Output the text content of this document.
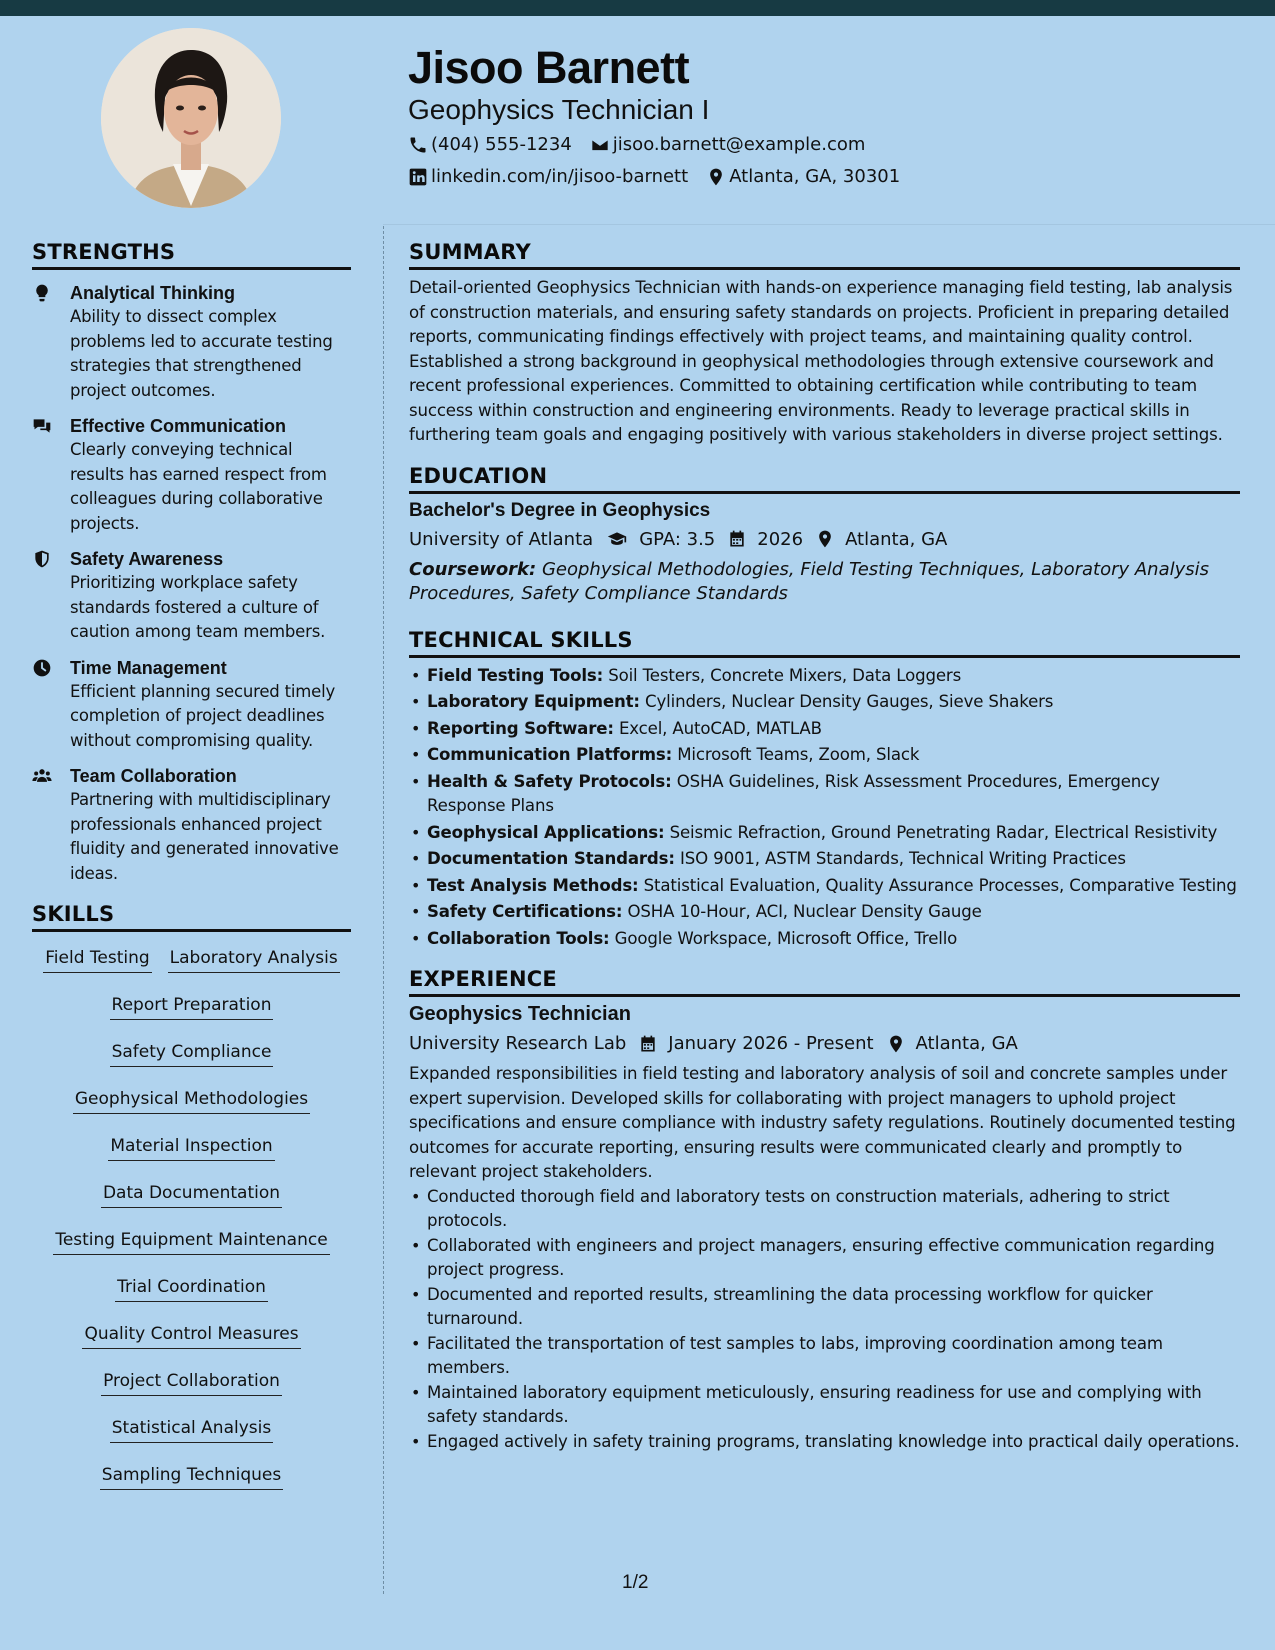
Jisoo Barnett
Geophysics Technician I
(404) 555-1234 jisoo.barnett@example.com
linkedin.com/in/jisoo-barnett Atlanta, GA, 30301
STRENGTHS
Analytical Thinking
Ability to dissect complex problems led to accurate testing strategies that strengthened project outcomes.
Effective Communication
Clearly conveying technical results has earned respect from colleagues during collaborative projects.
Safety Awareness
Prioritizing workplace safety standards fostered a culture of caution among team members.
Time Management
Efficient planning secured timely completion of project deadlines without compromising quality.
Team Collaboration
Partnering with multidisciplinary professionals enhanced project fluidity and generated innovative ideas.
SKILLS
Field Testing Laboratory Analysis
Report Preparation
Safety Compliance
Geophysical Methodologies
Material Inspection
Data Documentation
Testing Equipment Maintenance
Trial Coordination
Quality Control Measures
Project Collaboration
Statistical Analysis
Sampling Techniques
SUMMARY
Detail-oriented Geophysics Technician with hands-on experience managing field testing, lab analysis of construction materials, and ensuring safety standards on projects. Proficient in preparing detailed reports, communicating findings effectively with project teams, and maintaining quality control. Established a strong background in geophysical methodologies through extensive coursework and recent professional experiences. Committed to obtaining certification while contributing to team success within construction and engineering environments. Ready to leverage practical skills in furthering team goals and engaging positively with various stakeholders in diverse project settings.
EDUCATION
Bachelor's Degree in Geophysics
University of Atlanta	GPA: 3.5 2026 Atlanta, GA
Coursework: Geophysical Methodologies, Field Testing Techniques, Laboratory Analysis Procedures, Safety Compliance Standards
TECHNICAL SKILLS
• Field Testing Tools: Soil Testers, Concrete Mixers, Data Loggers
• Laboratory Equipment: Cylinders, Nuclear Density Gauges, Sieve Shakers
• Reporting Software: Excel, AutoCAD, MATLAB
• Communication Platforms: Microsoft Teams, Zoom, Slack
• Health & Safety Protocols: OSHA Guidelines, Risk Assessment Procedures, Emergency Response Plans
• Geophysical Applications: Seismic Refraction, Ground Penetrating Radar, Electrical Resistivity
• Documentation Standards: ISO 9001, ASTM Standards, Technical Writing Practices
• Test Analysis Methods: Statistical Evaluation, Quality Assurance Processes, Comparative Testing
• Safety Certifications: OSHA 10-Hour, ACI, Nuclear Density Gauge
• Collaboration Tools: Google Workspace, Microsoft Office, Trello
EXPERIENCE
Geophysics Technician
University Research Lab January 2026 - Present Atlanta, GA
Expanded responsibilities in field testing and laboratory analysis of soil and concrete samples under expert supervision. Developed skills for collaborating with project managers to uphold project specifications and ensure compliance with industry safety regulations. Routinely documented testing outcomes for accurate reporting, ensuring results were communicated clearly and promptly to relevant project stakeholders.
• Conducted thorough field and laboratory tests on construction materials, adhering to strict protocols.
• Collaborated with engineers and project managers, ensuring effective communication regarding project progress.
• Documented and reported results, streamlining the data processing workflow for quicker turnaround.
• Facilitated the transportation of test samples to labs, improving coordination among team members.
• Maintained laboratory equipment meticulously, ensuring readiness for use and complying with safety standards.
• Engaged actively in safety training programs, translating knowledge into practical daily operations.
1/2
